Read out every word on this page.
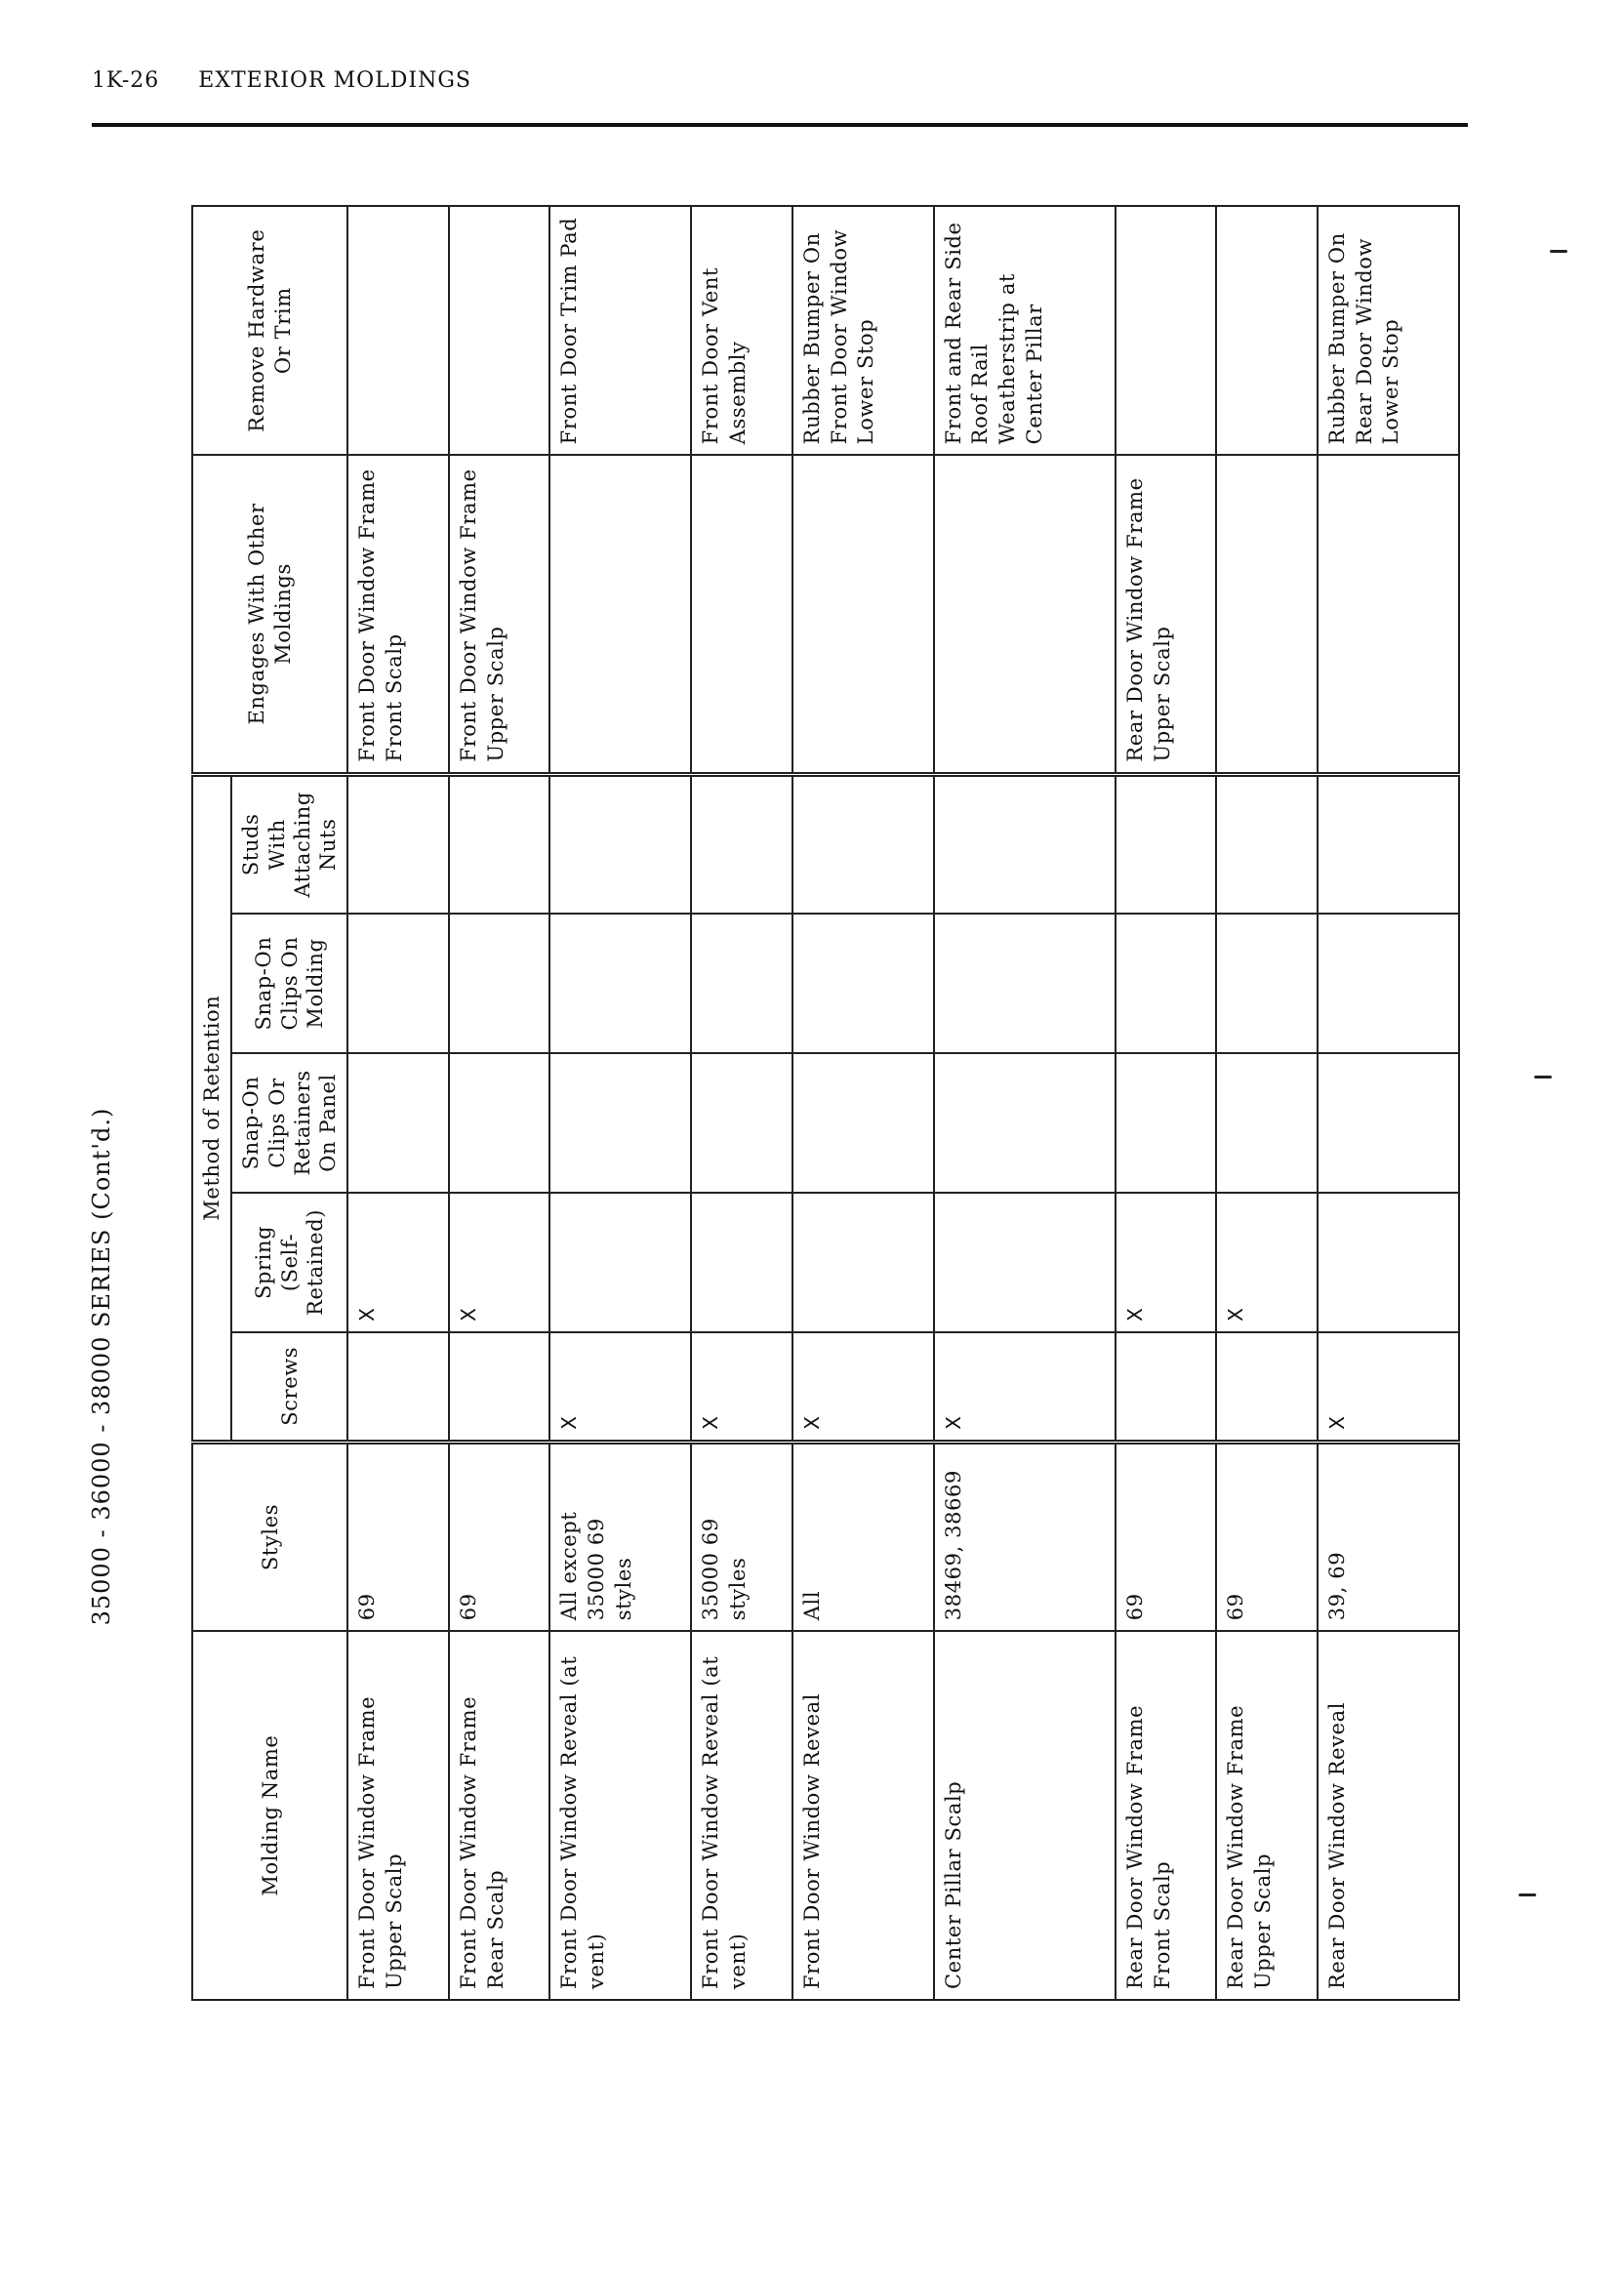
1K-26 EXTERIOR MOLDINGS
35000 - 36000 - 38000 SERIES (Cont'd.)
Molding Name	Styles	Method of Retention					Engages With Other Moldings	Remove Hardware Or Trim
		Screws	Spring (Self- Retained)	Snap-On Clips Or Retainers On Panel	Snap-On Clips On Molding	Studs With Attaching Nuts		
Front Door Window Frame Upper Scalp	69		X				Front Door Window Frame Front Scalp	
Front Door Window Frame Rear Scalp	69		X				Front Door Window Frame Upper Scalp	
Front Door Window Reveal (at vent)	All except 35000 69 styles	X						Front Door Trim Pad
Front Door Window Reveal (at vent)	35000 69 styles	X						Front Door Vent Assembly
Front Door Window Reveal	All	X						Rubber Bumper On Front Door Window Lower Stop
Center Pillar Scalp	38469, 38669	X						Front and Rear Side Roof Rail Weatherstrip at Center Pillar
Rear Door Window Frame Front Scalp	69		X				Rear Door Window Frame Upper Scalp	
Rear Door Window Frame Upper Scalp	69		X					
Rear Door Window Reveal	39, 69	X						Rubber Bumper On Rear Door Window Lower Stop
